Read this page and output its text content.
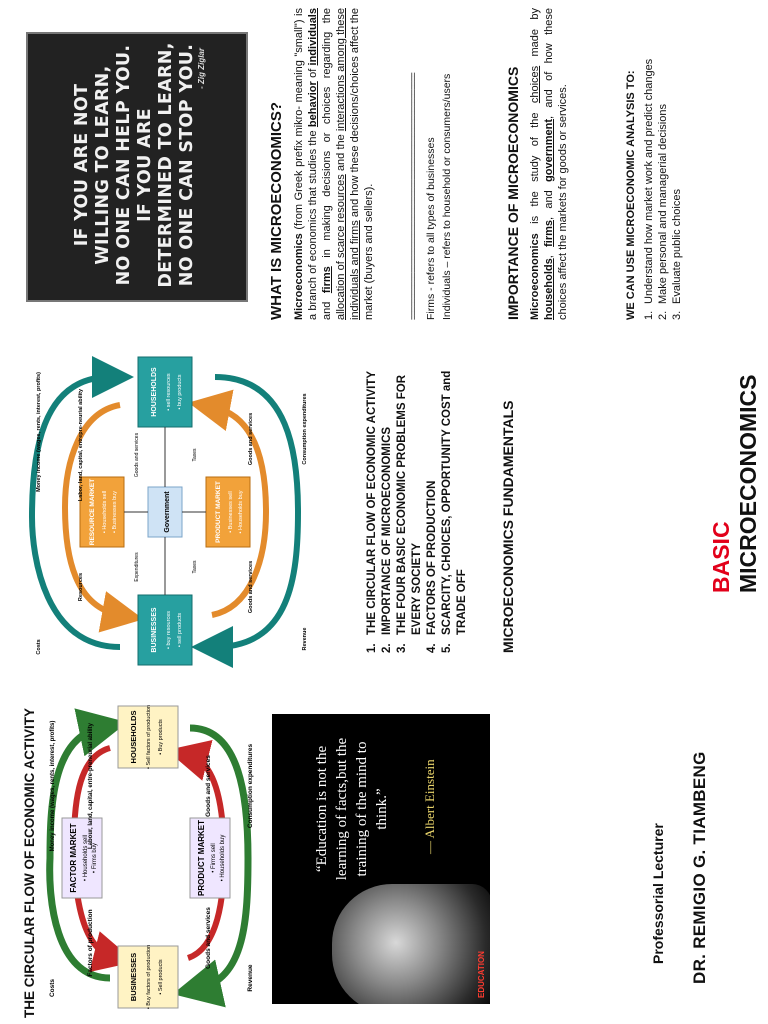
DR. REMIGIO G. TIAMBENG

Professorial Lecturer

“Education is not the learning of facts,but the training of the mind to think.” — Albert Einstein
EDUCATION
FACTOR MARKET • Households sell • Firms buy	PRODUCT MARKET • Firms sell • Households buy
BUSINESSES • Buy factors of production • Sell products
HOUSEHOLDS • Sell factors of production • Buy products
Money income (wages, rents, interest, profits)	Labour, land, capital, entre-preneurial ability	Goods and services	Consumption expenditures
Factors of production
Costs
Goods and services
Revenue

THE CIRCULAR FLOW OF ECONOMIC ACTIVITY

BASIC MICROECONOMICS

MICROECONOMICS FUNDAMENTALS

1.
THE CIRCULAR FLOW OF ECONOMIC ACTIVITY
2.
IMPORTANCE OF MICROECONOMICS
3.
THE FOUR BASIC ECONOMIC PROBLEMS FOR EVERY SOCIETY
4.
FACTORS OF PRODUCTION
5.
SCARCITY, CHOICES, OPPORTUNITY COST and TRADE OFF
RESOURCE MARKET • Households sell • Businesses buy	PRODUCT MARKET • Businesses sell • Households buy
BUSINESSES • buy resources • sell products
HOUSEHOLDS • sell resources • buy products
Government
Expenditures	Taxes
Goods and services	Taxes
Money income (wages, rents, interest, profits)	Labor, land, capital, entrepre-neurial ability	Goods and services	Consumption expenditures
Resources
Costs
Goods and services
Revenue
IF YOU ARE NOT WILLING TO LEARN, NO ONE CAN HELP YOU. IF YOU ARE DETERMINED TO LEARN, NO ONE CAN STOP YOU. - Zig Ziglar

WHAT IS MICROECONOMICS? Microeconomics (from Greek prefix mikro- meaning "small") is a branch of economics that studies the behavior of individuals and firms in making decisions or choices regarding the allocation of scarce resources and the interactions among these individuals and firms and how these decisions/choices affect the market (buyers and sellers).	========================================================== Firms - refers to all types of businesses Individuals – refers to household or consumers/users	IMPORTANCE OF MICROECONOMICS Microeconomics is the study of the choices made by households, firms, and government, and of how these choices affect the markets for goods or services.	WE CAN USE MICROECONOMIC ANALYSIS TO: 1.
Understand how market work and predict changes
2.
Make personal and managerial decisions
3.
Evaluate public choices
